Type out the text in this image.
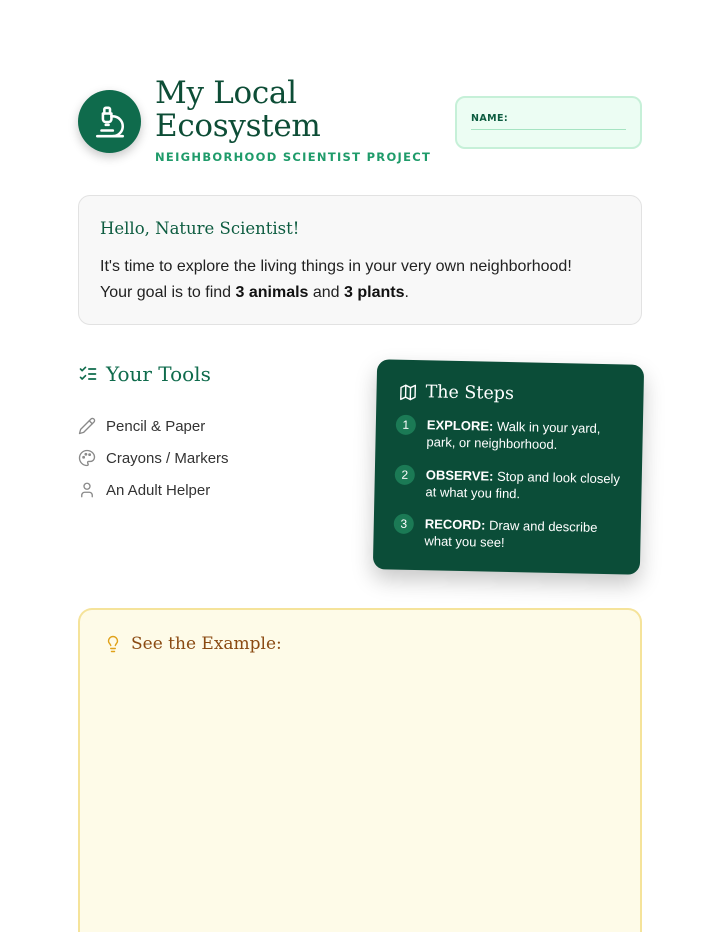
My Local Ecosystem
NEIGHBORHOOD SCIENTIST PROJECT
NAME:
Hello, Nature Scientist!
It's time to explore the living things in your very own neighborhood!
Your goal is to find 3 animals and 3 plants.
Your Tools
Pencil & Paper
Crayons / Markers
An Adult Helper
The Steps
1	EXPLORE: Walk in your yard, park, or neighborhood.
2	OBSERVE: Stop and look closely at what you find.
3	RECORD: Draw and describe what you see!
See the Example:
